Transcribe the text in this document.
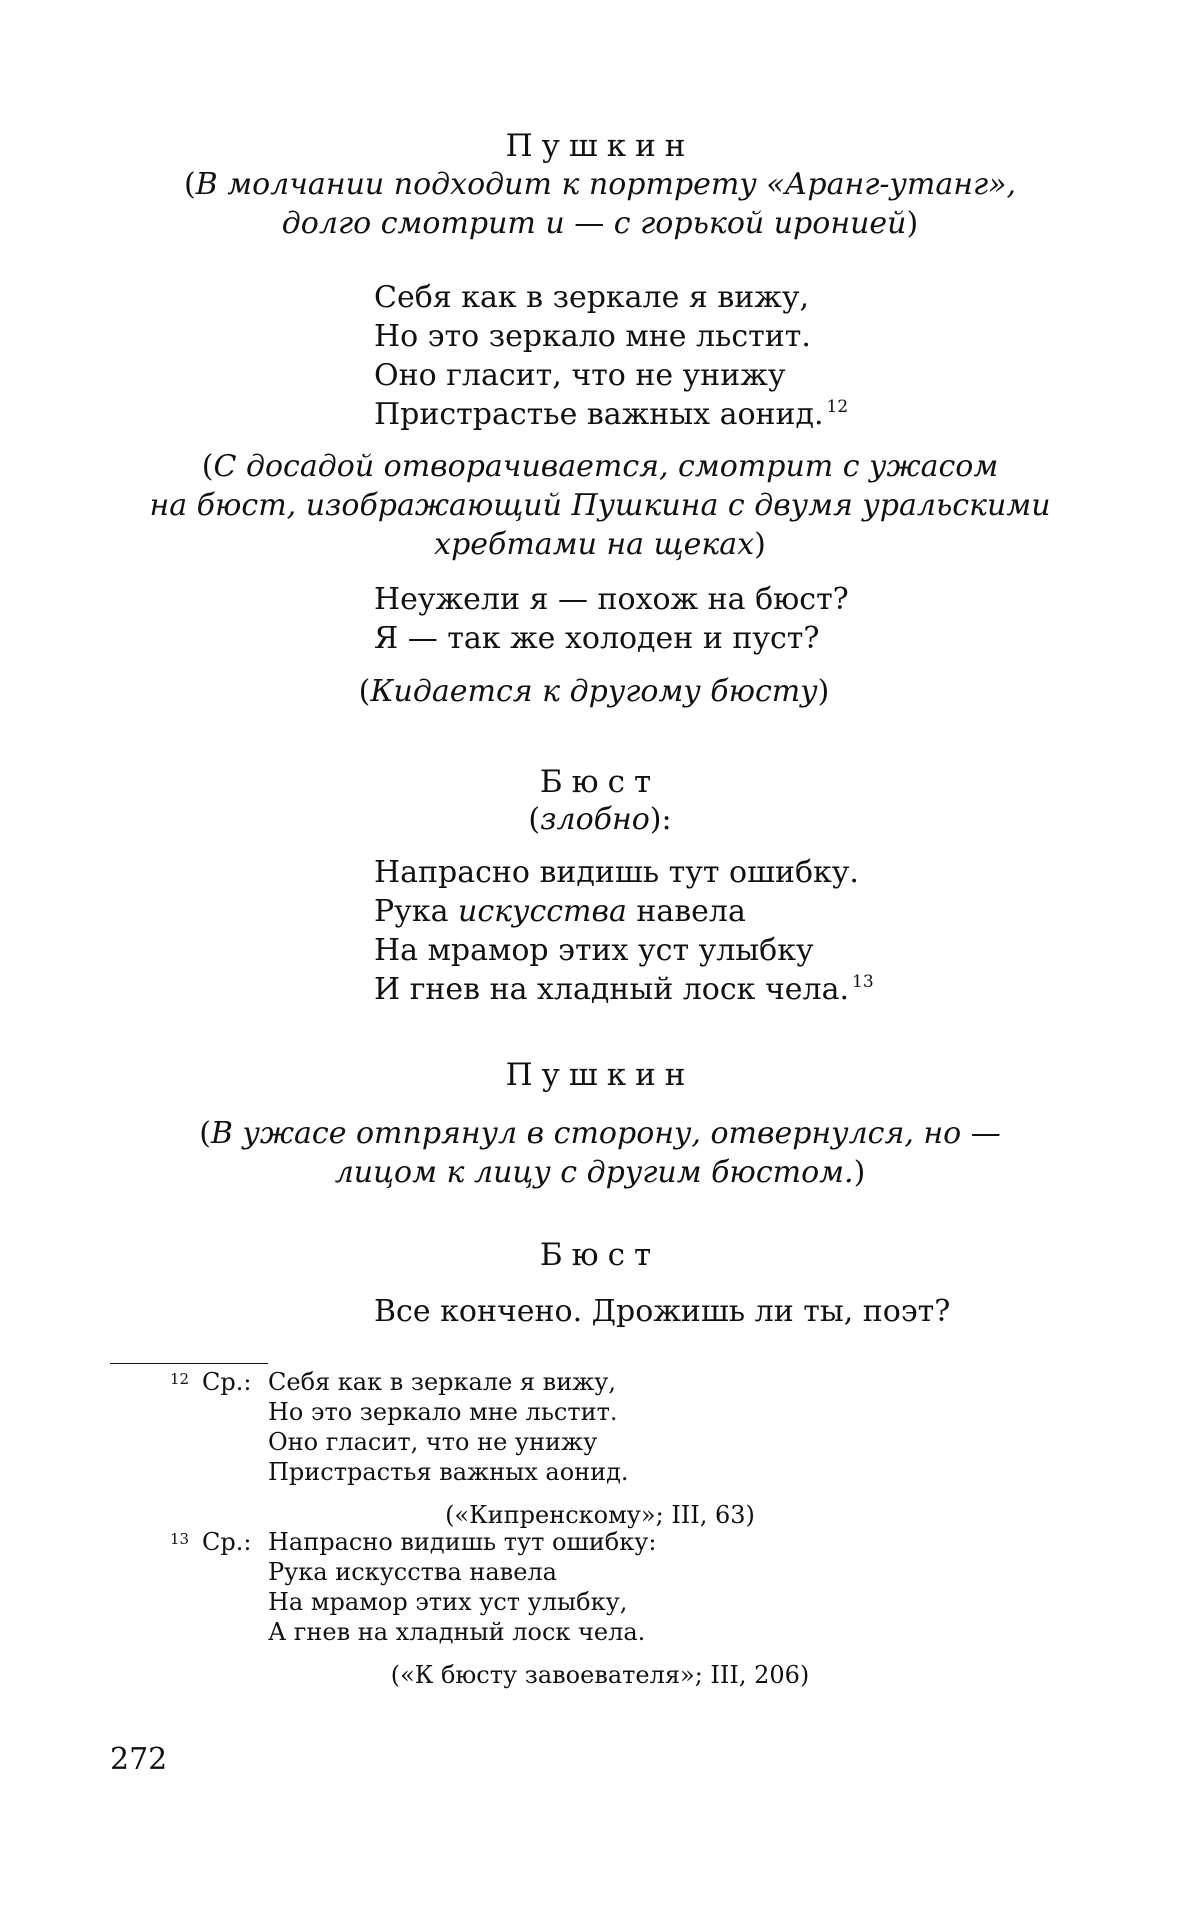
Пушкин
(В молчании подходит к портрету «Аранг-утанг»,
долго смотрит и — с горькой иронией)
Себя как в зеркале я вижу,
Но это зеркало мне льстит.
Оно гласит, что не унижу
Пристрастье важных аонид. $^{12}$
(С досадой отворачивается, смотрит с ужасом
на бюст, изображающий Пушкина с двумя уральскими
хребтами на щеках)
Неужели я — похож на бюст?
Я — так же холоден и пуст?
(Кидается к другому бюсту)
Бюст
(злобно):
Напрасно видишь тут ошибку.
Рука искусства навела
На мрамор этих уст улыбку
И гнев на хладный лоск чела. $^{13}$
Пушкин
(В ужасе отпрянул в сторону, отвернулся, но —
лицом к лицу с другим бюстом.)
Бюст
Все кончено. Дрожишь ли ты, поэт?
12 Ср.: Себя как в зеркале я вижу,
Но это зеркало мне льстит.
Оно гласит, что не унижу
Пристрастья важных аонид.
(«Кипренскому»; III, 63)
13 Ср.: Напрасно видишь тут ошибку:
Рука искусства навела
На мрамор этих уст улыбку,
А гнев на хладный лоск чела.
(«К бюсту завоевателя»; III, 206)
272
